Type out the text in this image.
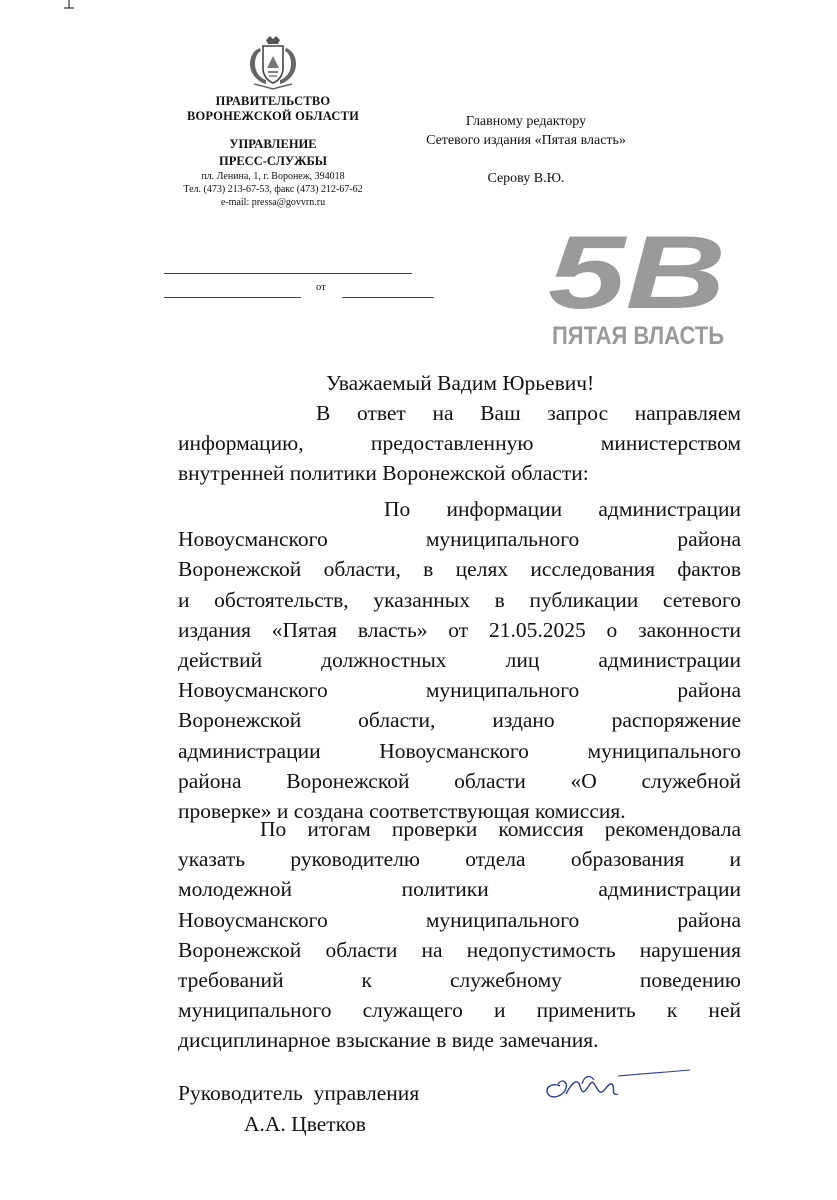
ПРАВИТЕЛЬСТВО
ВОРОНЕЖСКОЙ ОБЛАСТИ
УПРАВЛЕНИЕ
ПРЕСС-СЛУЖБЫ
пл. Ленина, 1, г. Воронеж, 394018
Тел. (473) 213-67-53, факс (473) 212-67-62
e-mail: pressa@govvrn.ru
от
Главному редактору
Сетевого издания «Пятая власть»
Серову В.Ю.
5В
ПЯТАЯ ВЛАСТЬ
Уважаемый Вадим Юрьевич!
В ответ на Ваш запрос направляем
информацию, предоставленную министерством
внутренней политики Воронежской области:
По информации администрации
Новоусманского муниципального района
Воронежской области, в целях исследования фактов
и обстоятельств, указанных в публикации сетевого
издания «Пятая власть» от 21.05.2025 о законности
действий должностных лиц администрации
Новоусманского муниципального района
Воронежской области, издано распоряжение
администрации Новоусманского муниципального
района Воронежской области «О служебной
проверке» и создана соответствующая комиссия.
По итогам проверки комиссия рекомендовала
указать руководителю отдела образования и
молодежной политики администрации
Новоусманского муниципального района
Воронежской области на недопустимость нарушения
требований к служебному поведению
муниципального служащего и применить к ней
дисциплинарное взыскание в виде замечания.
Руководитель  управления
А.А. Цветков
